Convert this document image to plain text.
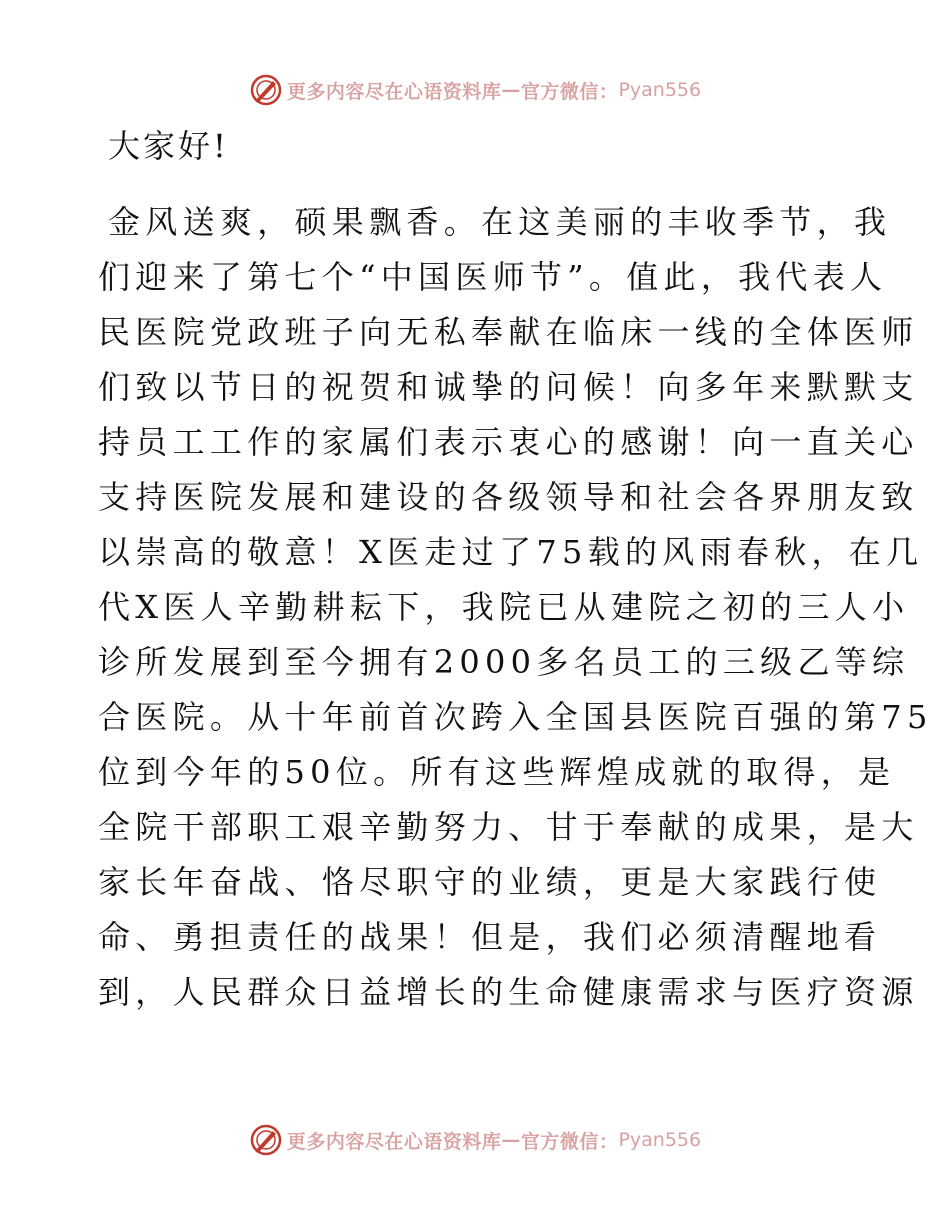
更多内容尽在心语资料库 — 官方微信： Pyan556
大家好!
金风送爽，硕果飘香。在这美丽的丰收季节，我
们迎来了第七个“中国医师节”。值此，我代表人
民医院党政班子向无私奉献在临床一线的全体医师
们致以节日的祝贺和诚挚的问候！向多年来默默支
持员工工作的家属们表示衷心的感谢！向一直关心
支持医院发展和建设的各级领导和社会各界朋友致
以崇高的敬意！X医走过了75载的风雨春秋，在几
代X医人辛勤耕耘下，我院已从建院之初的三人小
诊所发展到至今拥有2000多名员工的三级乙等综
合医院。从十年前首次跨入全国县医院百强的第75
位到今年的50位。所有这些辉煌成就的取得，是
全院干部职工艰辛勤努力、甘于奉献的成果，是大
家长年奋战、恪尽职守的业绩，更是大家践行使
命、勇担责任的战果！但是，我们必须清醒地看
到，人民群众日益增长的生命健康需求与医疗资源
更多内容尽在心语资料库 — 官方微信： Pyan556
